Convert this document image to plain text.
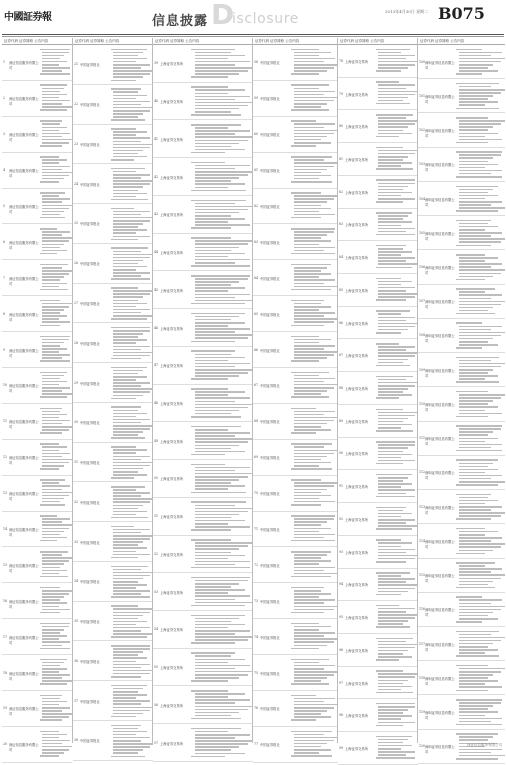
中國証券報	信息披露 D
isclosure	2013年4月30日 星期二 B075
证券代码 证券简称 公告内容
1 深证信息服务有限公司
2 深证信息服务有限公司
3 深证信息服务有限公司
4 深证信息服务有限公司
5 深证信息服务有限公司
6 深证信息服务有限公司
7 深证信息服务有限公司
8 深证信息服务有限公司
9 深证信息服务有限公司
10 深证信息服务有限公司
11 深证信息服务有限公司
12 深证信息服务有限公司
13 深证信息服务有限公司
14 深证信息服务有限公司
15 深证信息服务有限公司
16 深证信息服务有限公司
17 深证信息服务有限公司
18 深证信息服务有限公司
19 深证信息服务有限公司
20 深证信息服务有限公司
证券代码 证券简称 公告内容
21 中国证券报社
22 中国证券报社
23 中国证券报社
24 中国证券报社
25 中国证券报社
26 中国证券报社
27 中国证券报社
28 中国证券报社
29 中国证券报社
30 中国证券报社
31 中国证券报社
32 中国证券报社
33 中国证券报社
34 中国证券报社
35 中国证券报社
36 中国证券报社
37 中国证券报社
38 中国证券报社
证券代码 证券简称 公告内容
39 上海证券交易所
40 上海证券交易所
41 上海证券交易所
42 上海证券交易所
43 上海证券交易所
44 上海证券交易所
45 上海证券交易所
46 上海证券交易所
47 上海证券交易所
48 上海证券交易所
49 上海证券交易所
50 上海证券交易所
51 上海证券交易所
52 上海证券交易所
53 上海证券交易所
54 上海证券交易所
55 上海证券交易所
56 上海证券交易所
57 上海证券交易所
证券代码 证券简称 公告内容
58 中国证券报社
59 中国证券报社
60 中国证券报社
61 中国证券报社
62 中国证券报社
63 中国证券报社
64 中国证券报社
65 中国证券报社
66 中国证券报社
67 中国证券报社
68 中国证券报社
69 中国证券报社
70 中国证券报社
71 中国证券报社
72 中国证券报社
73 中国证券报社
74 中国证券报社
75 中国证券报社
76 中国证券报社
77 中国证券报社
证券代码 证券简称 公告内容
78 上海证券交易所
79 上海证券交易所
80 上海证券交易所
81 上海证券交易所
82 上海证券交易所
83 上海证券交易所
84 上海证券交易所
85 上海证券交易所
86 上海证券交易所
87 上海证券交易所
88 上海证券交易所
89 上海证券交易所
90 上海证券交易所
91 上海证券交易所
92 上海证券交易所
93 上海证券交易所
94 上海证券交易所
95 上海证券交易所
96 上海证券交易所
97 上海证券交易所
98 上海证券交易所
99 上海证券交易所
证券代码 证券简称 公告内容
100 深圳证券信息有限公司
101 深圳证券信息有限公司
102 深圳证券信息有限公司
103 深圳证券信息有限公司
104 深圳证券信息有限公司
105 深圳证券信息有限公司
106 深圳证券信息有限公司
107 深圳证券信息有限公司
108 深圳证券信息有限公司
109 深圳证券信息有限公司
110 深圳证券信息有限公司
111 深圳证券信息有限公司
112 深圳证券信息有限公司
113 深圳证券信息有限公司
114 深圳证券信息有限公司
115 深圳证券信息有限公司
116 深圳证券信息有限公司
117 深圳证券信息有限公司
118 深圳证券信息有限公司
119 深圳证券信息有限公司
120 深圳证券信息有限公司
深证信息服务有限公司
